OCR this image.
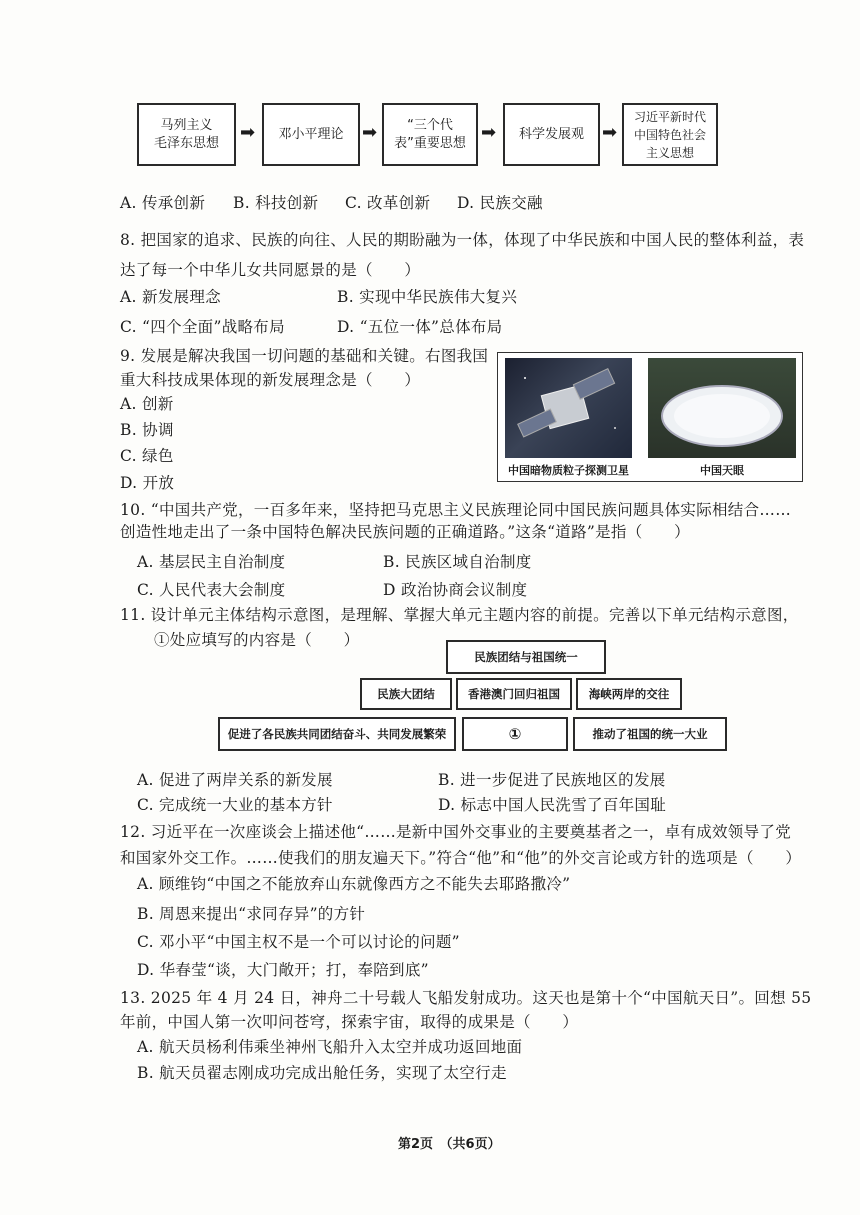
马列主义
毛泽东思想	➡	邓小平理论	➡	“三个代表”重要思想 ➡	科学发展观	➡
习近平新时代中国特色社会主义思想
A. 传承创新 B. 科技创新 C. 改革创新 D. 民族交融
8. 把国家的追求、民族的向往、人民的期盼融为一体，体现了中华民族和中国人民的整体利益，表
达了每一个中华儿女共同愿景的是（　　）
A. 新发展理念	B. 实现中华民族伟大复兴
C. “四个全面”战略布局	D. “五位一体”总体布局
9. 发展是解决我国一切问题的基础和关键。右图我国
重大科技成果体现的新发展理念是（　　）
A. 创新
B. 协调
C. 绿色
D. 开放
中国暗物质粒子探测卫星	中国天眼
10. “中国共产党，一百多年来，坚持把马克思主义民族理论同中国民族问题具体实际相结合……
创造性地走出了一条中国特色解决民族问题的正确道路。”这条“道路”是指（　　）
A. 基层民主自治制度	B. 民族区域自治制度
C. 人民代表大会制度	D 政治协商会议制度
11. 设计单元主体结构示意图，是理解、掌握大单元主题内容的前提。完善以下单元结构示意图，
①处应填写的内容是（　　）
民族团结与祖国统一
民族大团结	香港澳门回归祖国	海峡两岸的交往
促进了各民族共同团结奋斗、共同发展繁荣	①	推动了祖国的统一大业
A. 促进了两岸关系的新发展	B. 进一步促进了民族地区的发展
C. 完成统一大业的基本方针	D. 标志中国人民洗雪了百年国耻
12. 习近平在一次座谈会上描述他“……是新中国外交事业的主要奠基者之一，卓有成效领导了党
和国家外交工作。……使我们的朋友遍天下。”符合“他”和“他”的外交言论或方针的选项是（　　）
A. 顾维钧“中国之不能放弃山东就像西方之不能失去耶路撒冷”
B. 周恩来提出“求同存异”的方针
C. 邓小平“中国主权不是一个可以讨论的问题”
D. 华春莹“谈，大门敞开；打，奉陪到底”
13. 2025 年 4 月 24 日，神舟二十号载人飞船发射成功。这天也是第十个“中国航天日”。回想 55
年前，中国人第一次叩问苍穹，探索宇宙，取得的成果是（　　）
A. 航天员杨利伟乘坐神州飞船升入太空并成功返回地面
B. 航天员翟志刚成功完成出舱任务，实现了太空行走
第2页　（共6页）
